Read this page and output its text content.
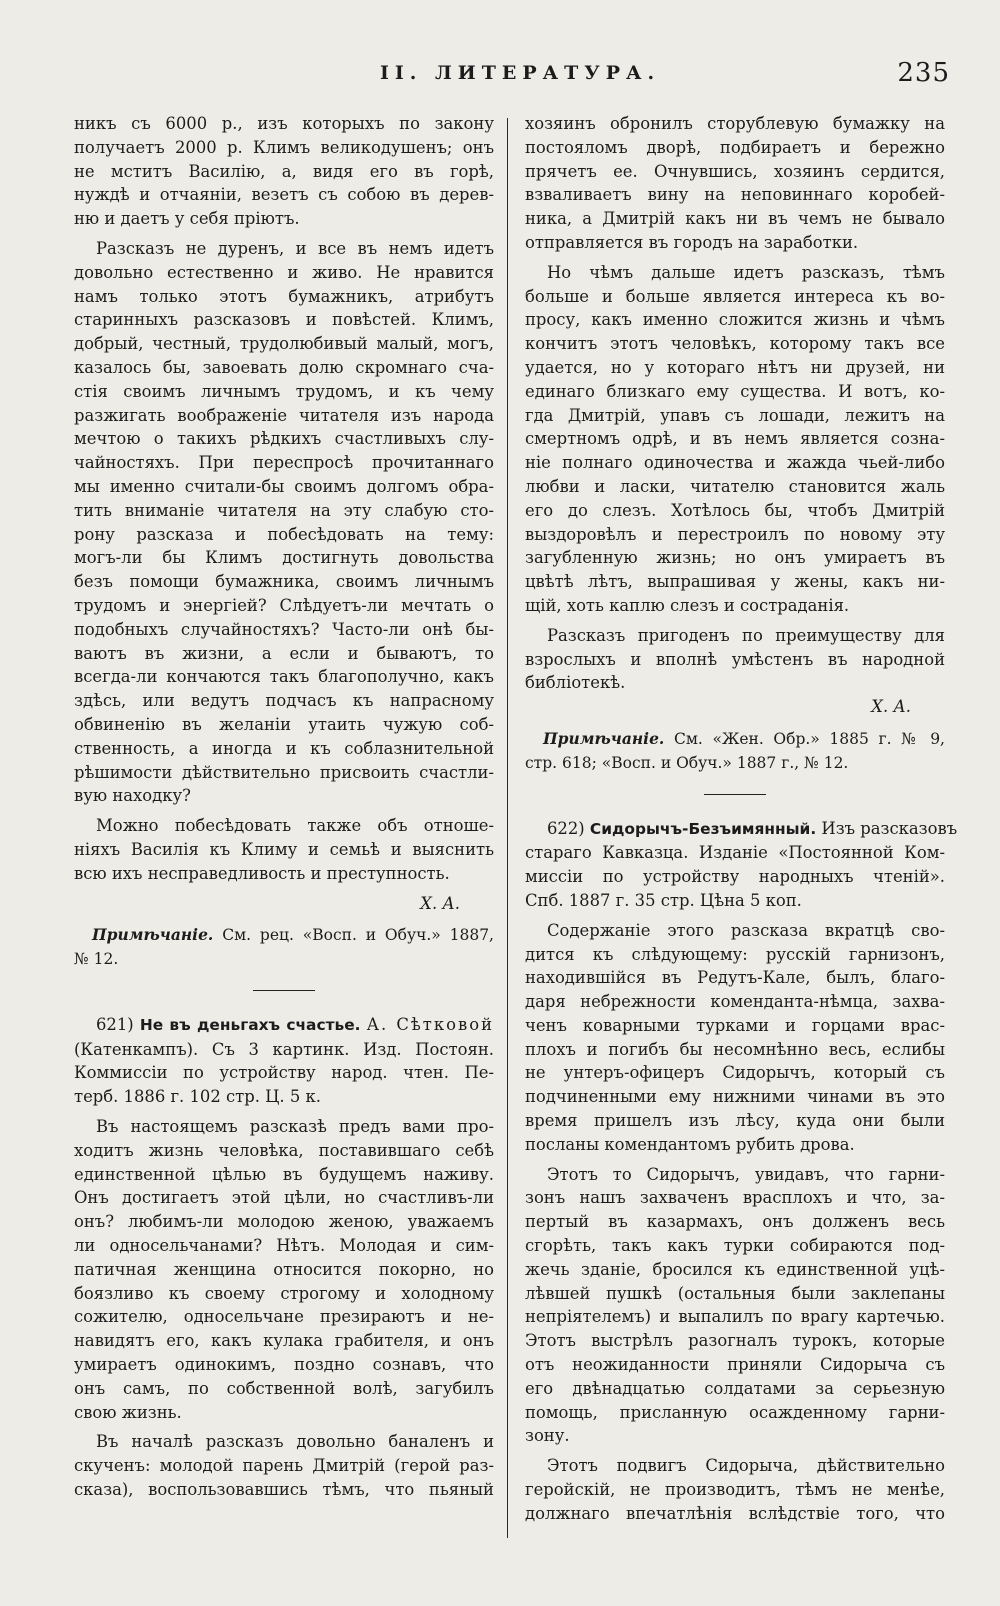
II. ЛИТЕРАТУРА.	235

никъ съ 6000 р., изъ которыхъ по закону
получаетъ 2000 р. Климъ великодушенъ; онъ
не мститъ Василію, а, видя его въ горѣ,
нуждѣ и отчаяніи, везетъ съ собою въ дерев-
ню и даетъ у себя пріютъ.

Разсказъ не дуренъ, и все въ немъ идетъ
довольно естественно и живо. Не нравится
намъ только этотъ бумажникъ, атрибутъ
старинныхъ разсказовъ и повѣстей. Климъ,
добрый, честный, трудолюбивый малый, могъ,
казалось бы, завоевать долю скромнаго сча-
стія своимъ личнымъ трудомъ, и къ чему
разжигать воображеніе читателя изъ народа
мечтою о такихъ рѣдкихъ счастливыхъ слу-
чайностяхъ. При переспросѣ прочитаннаго
мы именно считали-бы своимъ долгомъ обра-
тить вниманіе читателя на эту слабую сто-
рону разсказа и побесѣдовать на тему:
могъ-ли бы Климъ достигнуть довольства
безъ помощи бумажника, своимъ личнымъ
трудомъ и энергіей? Слѣдуетъ-ли мечтать о
подобныхъ случайностяхъ? Часто-ли онѣ бы-
ваютъ въ жизни, а если и бываютъ, то
всегда-ли кончаются такъ благополучно, какъ
здѣсь, или ведутъ подчасъ къ напрасному
обвиненію въ желаніи утаить чужую соб-
ственность, а иногда и къ соблазнительной
рѣшимости дѣйствительно присвоить счастли-
вую находку?

Можно побесѣдовать также объ отноше-
ніяхъ Василія къ Климу и семьѣ и выяснить
всю ихъ несправедливость и преступность.

Х. А.
Примѣчаніе. См. рец. «Восп. и Обуч.» 1887,
№ 12.
621) Не въ деньгахъ счастье. А. Сѣтковой
(Катенкампъ). Съ 3 картинк. Изд. Постоян.
Коммиссіи по устройству народ. чтен. Пе-
терб. 1886 г. 102 стр. Ц. 5 к.

Въ настоящемъ разсказѣ предъ вами про-
ходитъ жизнь человѣка, поставившаго себѣ
единственной цѣлью въ будущемъ наживу.
Онъ достигаетъ этой цѣли, но счастливъ-ли
онъ? любимъ-ли молодою женою, уважаемъ
ли односельчанами? Нѣтъ. Молодая и сим-
патичная женщина относится покорно, но
боязливо къ своему строгому и холодному
сожителю, односельчане презираютъ и не-
навидятъ его, какъ кулака грабителя, и онъ
умираетъ одинокимъ, поздно сознавъ, что
онъ самъ, по собственной волѣ, загубилъ
свою жизнь.

Въ началѣ разсказъ довольно баналенъ и
скученъ: молодой парень Дмитрій (герой раз-
сказа), воспользовавшись тѣмъ, что пьяный

хозяинъ обронилъ сторублевую бумажку на
постояломъ дворѣ, подбираетъ и бережно
прячетъ ее. Очнувшись, хозяинъ сердится,
взваливаетъ вину на неповиннаго коробей-
ника, а Дмитрій какъ ни въ чемъ не бывало
отправляется въ городъ на заработки.

Но чѣмъ дальше идетъ разсказъ, тѣмъ
больше и больше является интереса къ во-
просу, какъ именно сложится жизнь и чѣмъ
кончитъ этотъ человѣкъ, которому такъ все
удается, но у котораго нѣтъ ни друзей, ни
единаго близкаго ему существа. И вотъ, ко-
гда Дмитрій, упавъ съ лошади, лежитъ на
смертномъ одрѣ, и въ немъ является созна-
ніе полнаго одиночества и жажда чьей-либо
любви и ласки, читателю становится жаль
его до слезъ. Хотѣлось бы, чтобъ Дмитрій
выздоровѣлъ и перестроилъ по новому эту
загубленную жизнь; но онъ умираетъ въ
цвѣтѣ лѣтъ, выпрашивая у жены, какъ ни-
щій, хоть каплю слезъ и состраданія.

Разсказъ пригоденъ по преимуществу для
взрослыхъ и вполнѣ умѣстенъ въ народной
библіотекѣ.

Х. А.
Примѣчаніе. См. «Жен. Обр.» 1885 г. № 9,
стр. 618; «Восп. и Обуч.» 1887 г., № 12.
622) Сидорычъ-Безъимянный. Изъ разсказовъ
стараго Кавказца. Изданіе «Постоянной Ком-
миссіи по устройству народныхъ чтеній».
Спб. 1887 г. 35 стр. Цѣна 5 коп.

Содержаніе этого разсказа вкратцѣ сво-
дится къ слѣдующему: русскій гарнизонъ,
находившійся въ Редутъ-Кале, былъ, благо-
даря небрежности коменданта-нѣмца, захва-
ченъ коварными турками и горцами врас-
плохъ и погибъ бы несомнѣнно весь, еслибы
не унтеръ-офицеръ Сидорычъ, который съ
подчиненными ему нижними чинами въ это
время пришелъ изъ лѣсу, куда они были
посланы комендантомъ рубить дрова.

Этотъ то Сидорычъ, увидавъ, что гарни-
зонъ нашъ захваченъ врасплохъ и что, за-
пертый въ казармахъ, онъ долженъ весь
сгорѣть, такъ какъ турки собираются под-
жечь зданіе, бросился къ единственной уцѣ-
лѣвшей пушкѣ (остальныя были заклепаны
непріятелемъ) и выпалилъ по врагу картечью.
Этотъ выстрѣлъ разогналъ турокъ, которые
отъ неожиданности приняли Сидорыча съ
его двѣнадцатью солдатами за серьезную
помощь, присланную осажденному гарни-
зону.

Этотъ подвигъ Сидорыча, дѣйствительно
геройскій, не производитъ, тѣмъ не менѣе,
должнаго впечатлѣнія вслѣдствіе того, что
